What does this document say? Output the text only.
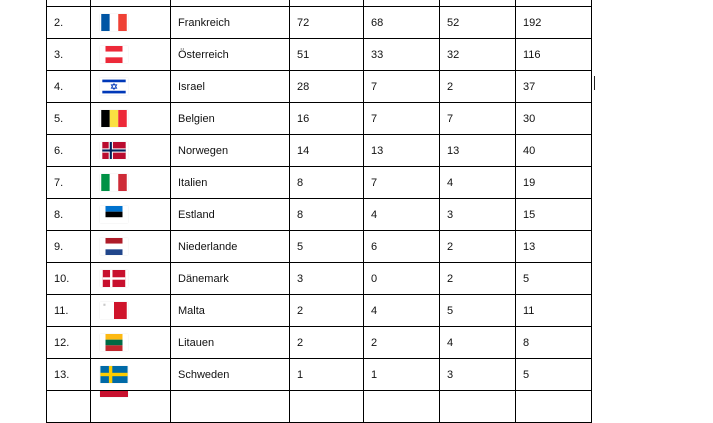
2.		Frankreich	72	68	52	192
3.		Österreich	51	33	32	116
4.		Israel	28	7	2	37
5.		Belgien	16	7	7	30
6.		Norwegen	14	13	13	40
7.		Italien	8	7	4	19
8.		Estland	8	4	3	15
9.		Niederlande	5	6	2	13
10.		Dänemark	3	0	2	5
11.		Malta	2	4	5	11
12.		Litauen	2	2	4	8
13.		Schweden	1	1	3	5
